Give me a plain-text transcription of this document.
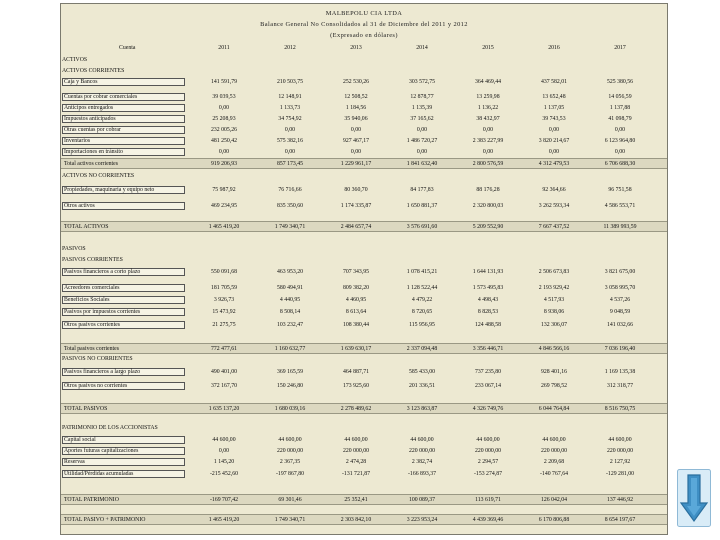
MALBEPOLU CIA LTDA
Balance General No Consolidados al 31 de Diciembre del 2011 y 2012
(Expresado en dólares)
Cuenta	2011	2012	2013	2014	2015	2016	2017
ACTIVOS
ACTIVOS CORRIENTES
Caja y Bancos	141 591,79	210 503,75	252 530,26	303 572,75	364 469,44	437 582,01	525 380,56
Cuentas por cobrar comerciales	39 039,53	12 148,91	12 508,52	12 878,77	13 259,98	13 652,48	14 056,59
Anticipos entregados	0,00	1 133,73	1 184,56	1 135,39	1 136,22	1 137,05	1 137,88
Impuestos anticipados	25 208,93	34 754,92	35 940,06	37 165,62	38 432,97	39 743,53	41 098,79
Otras cuentas por cobrar	232 005,26	0,00	0,00	0,00	0,00	0,00	0,00
Inventarios	481 250,42	575 382,16	927 467,17	1 486 720,27	2 383 227,99	3 820 214,67	6 123 964,80
Importaciones en tránsito	0,00	0,00	0,00	0,00	0,00	0,00	0,00
Total activos corrientes	919 206,93	857 173,45	1 229 961,17	1 841 632,40	2 800 576,59	4 312 479,53	6 706 688,30
ACTIVOS NO CORRIENTES
Propiedades, maquinaria y equipo neto	75 987,92	76 716,66	80 360,70	84 177,83	88 176,28	92 364,66	96 751,58
Otros activos	469 234,95	835 350,60	1 174 335,87	1 650 881,37	2 320 800,03	3 262 593,34	4 586 553,71
TOTAL ACTIVOS	1 465 419,20	1 749 340,71	2 484 657,74	3 576 691,60	5 209 552,90	7 667 437,52	11 389 993,59
PASIVOS
PASIVOS CORRIENTES
Pasivos financieros a corto plazo	550 091,68	463 953,20	707 343,95	1 078 415,21	1 644 131,93	2 506 673,83	3 821 675,00
Acreedores comerciales	181 705,59	580 494,91	809 382,20	1 128 522,44	1 573 495,83	2 193 929,42	3 058 995,70
Beneficios Sociales	3 926,73	4 440,95	4 460,95	4 479,22	4 498,43	4 517,93	4 537,26
Pasivos por impuestos corrientes	15 473,92	8 508,14	8 613,64	8 720,65	8 828,53	8 938,06	9 048,59
Otros pasivos corrientes	21 275,75	103 232,47	108 380,44	115 956,95	124 488,58	132 306,07	141 032,66
Total pasivos corrientes	772 477,61	1 160 632,77	1 639 630,17	2 337 094,48	3 356 446,71	4 846 566,16	7 036 196,40
PASIVOS NO CORRIENTES
Pasivos financieros a largo plazo	490 401,00	369 165,59	464 887,71	585 433,00	737 235,80	928 401,16	1 169 135,38
Otros pasivos no corrientes	372 167,70	150 246,80	173 925,60	201 336,51	233 067,14	269 798,52	312 318,77
TOTAL PASIVOS	1 635 137,20	1 680 039,16	2 278 489,62	3 123 863,87	4 326 749,76	6 044 764,84	8 516 750,75
PATRIMONIO DE LOS ACCIONISTAS
Capital social	44 600,00	44 600,00	44 600,00	44 600,00	44 600,00	44 600,00	44 600,00
Aportes futuras capitalizaciones	0,00	220 000,00	220 000,00	220 000,00	220 000,00	220 000,00	220 000,00
Reservas	1 145,20	2 367,35	2 474,28	2 382,74	2 294,57	2 209,68	2 127,92
Utilidad/Pérdidas acumuladas	-215 452,60	-197 867,80	-131 721,87	-166 893,37	-153 274,87	-140 767,64	-129 281,00
TOTAL PATRIMONIO	-169 707,42	69 301,46	25 352,41	100 089,37	113 619,71	126 042,04	137 446,92
TOTAL PASIVO + PATRIMONIO	1 465 419,20	1 749 340,71	2 303 842,10	3 223 953,24	4 439 369,46	6 170 806,88	8 654 197,67
